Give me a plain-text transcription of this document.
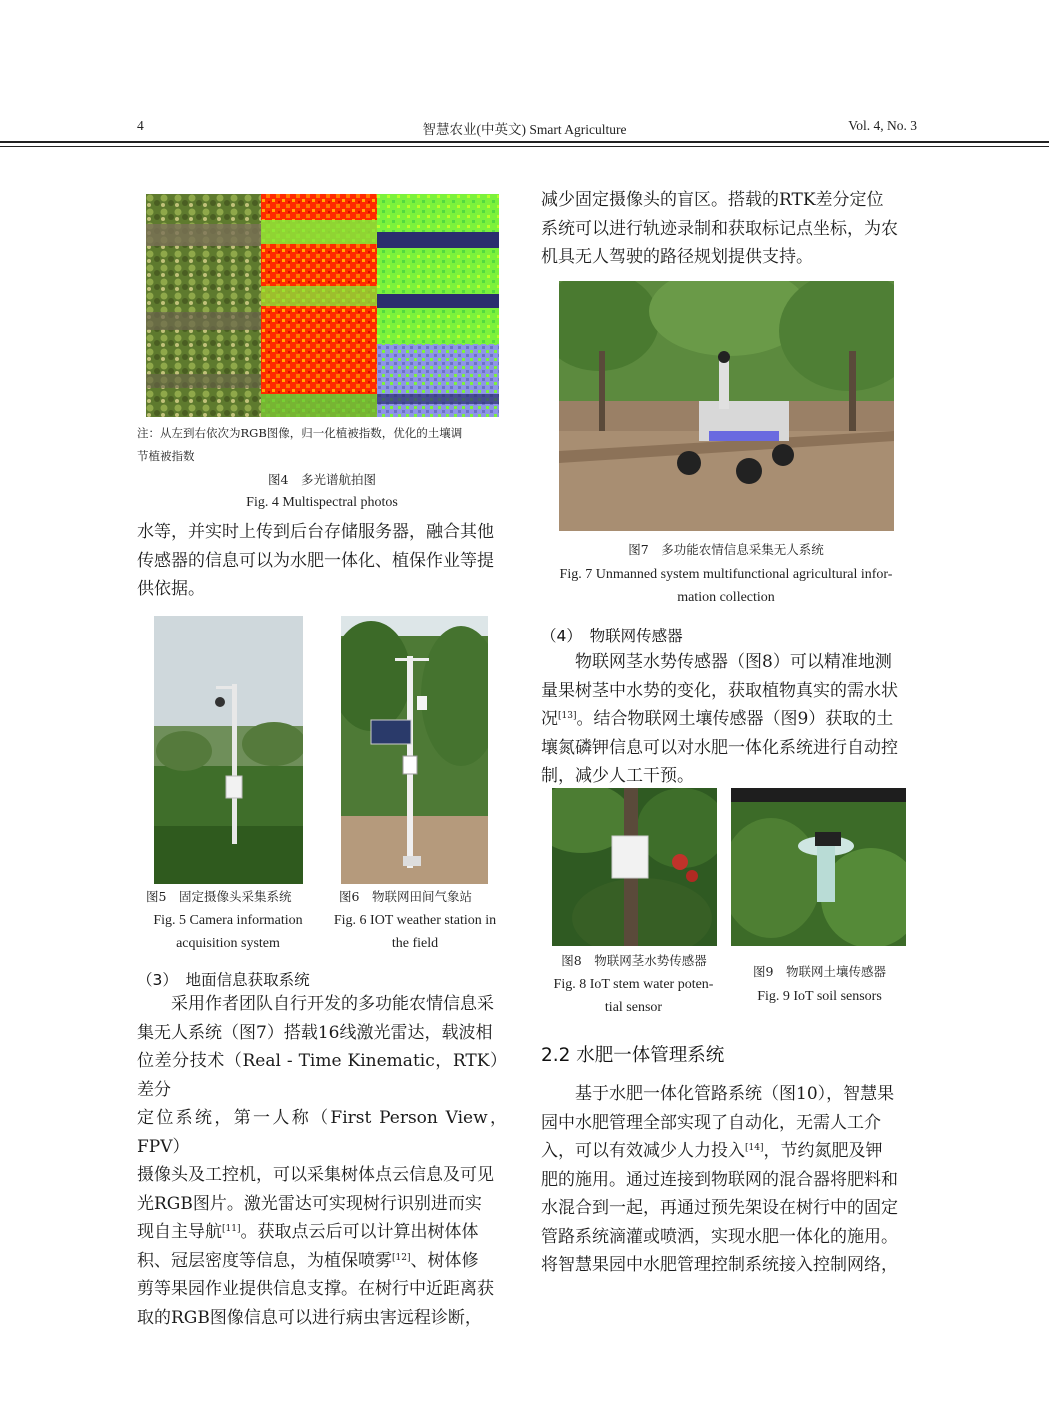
4	智慧农业(中英文) Smart Agriculture	Vol. 4, No. 3
注：从左到右依次为RGB图像，归一化植被指数，优化的土壤调
节植被指数
图4　多光谱航拍图
Fig. 4 Multispectral photos

水等，并实时上传到后台存储服务器，融合其他

传感器的信息可以为水肥一体化、植保作业等提

供依据。

图5　固定摄像头采集系统
Fig. 5 Camera information
acquisition system
图6　物联网田间气象站
Fig. 6 IOT weather station in
the field
（3）　地面信息获取系统

采用作者团队自行开发的多功能农情信息采

集无人系统（图7）搭载16线激光雷达，载波相

位差分技术（Real - Time Kinematic，RTK）差分

定位系统，第一人称（First Person View，FPV）

摄像头及工控机，可以采集树体点云信息及可见

光RGB图片。激光雷达可实现树行识别进而实

现自主导航[11]。获取点云后可以计算出树体体

积、冠层密度等信息，为植保喷雾[12]、树体修

剪等果园作业提供信息支撑。在树行中近距离获

取的RGB图像信息可以进行病虫害远程诊断，

减少固定摄像头的盲区。搭载的RTK差分定位

系统可以进行轨迹录制和获取标记点坐标，为农

机具无人驾驶的路径规划提供支持。

图7　多功能农情信息采集无人系统
Fig. 7 Unmanned system multifunctional agricultural infor-
mation collection
（4）　物联网传感器

物联网茎水势传感器（图8）可以精准地测

量果树茎中水势的变化，获取植物真实的需水状

况[13]。结合物联网土壤传感器（图9）获取的土

壤氮磷钾信息可以对水肥一体化系统进行自动控

制，减少人工干预。

图8　物联网茎水势传感器
Fig. 8 IoT stem water poten-
tial sensor
图9　物联网土壤传感器
Fig. 9 IoT soil sensors
2.2 水肥一体管理系统

基于水肥一体化管路系统（图10），智慧果

园中水肥管理全部实现了自动化，无需人工介

入，可以有效减少人力投入[14]，节约氮肥及钾

肥的施用。通过连接到物联网的混合器将肥料和

水混合到一起，再通过预先架设在树行中的固定

管路系统滴灌或喷洒，实现水肥一体化的施用。

将智慧果园中水肥管理控制系统接入控制网络，
